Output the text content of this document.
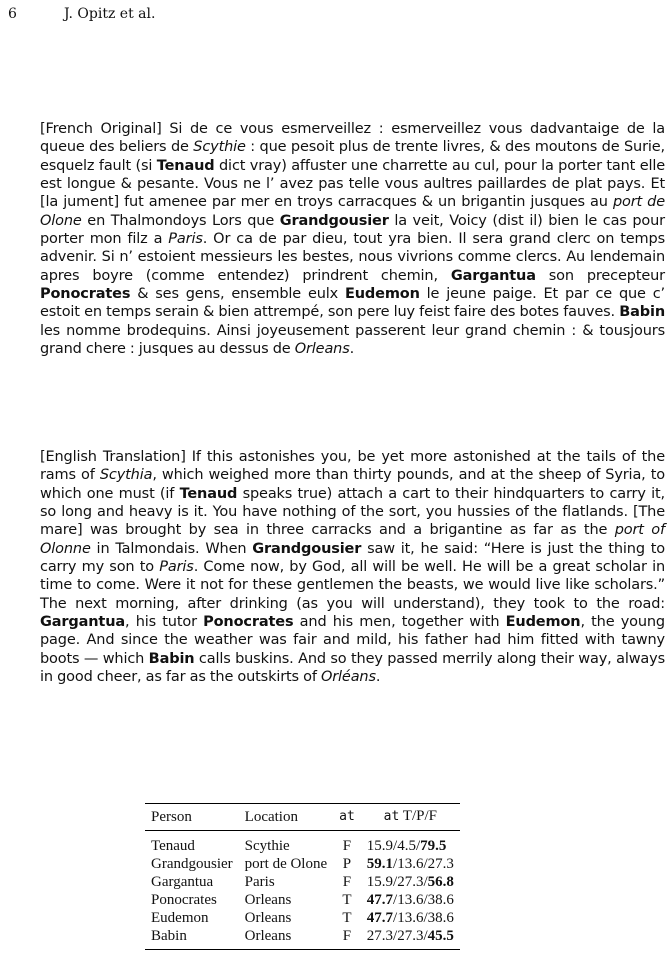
6	J. Opitz et al.
[French Original] Si de ce vous esmerveillez : esmerveillez vous dadvantaige de la queue des beliers de Scythie : que pesoit plus de trente livres, & des moutons de Surie, esquelz fault (si Tenaud dict vray) affuster une charrette au cul, pour la porter tant elle est longue & pesante. Vous ne l’ avez pas telle vous aultres paillardes de plat pays. Et [la jument] fut amenee par mer en troys carracques & un brigantin jusques au port de Olone en Thalmondoys Lors que Grandgousier la veit, Voicy (dist il) bien le cas pour porter mon filz a Paris. Or ca de par dieu, tout yra bien. Il sera grand clerc on temps advenir. Si n’ estoient messieurs les bestes, nous vivrions comme clercs. Au lendemain apres boyre (comme entendez) prindrent chemin, Gargantua son precepteur Ponocrates & ses gens, ensemble eulx Eudemon le jeune paige. Et par ce que c’ estoit en temps serain & bien attrempé, son pere luy feist faire des botes fauves. Babin les nomme brodequins. Ainsi joyeusement passerent leur grand chemin : & tousjours grand chere : jusques au dessus de Orleans.
[English Translation] If this astonishes you, be yet more astonished at the tails of the rams of Scythia, which weighed more than thirty pounds, and at the sheep of Syria, to which one must (if Tenaud speaks true) attach a cart to their hindquarters to carry it, so long and heavy is it. You have nothing of the sort, you hussies of the flatlands. [The mare] was brought by sea in three carracks and a brigantine as far as the port of Olonne in Talmondais. When Grandgousier saw it, he said: “Here is just the thing to carry my son to Paris. Come now, by God, all will be well. He will be a great scholar in time to come. Were it not for these gentlemen the beasts, we would live like scholars.” The next morning, after drinking (as you will understand), they took to the road: Gargantua, his tutor Ponocrates and his men, together with Eudemon, the young page. And since the weather was fair and mild, his father had him fitted with tawny boots — which Babin calls buskins. And so they passed merrily along their way, always in good cheer, as far as the outskirts of Orléans.
Person	Location	at	at T/P/F
Tenaud	Scythie	F	15.9/4.5/79.5
Grandgousier	port de Olone	P	59.1/13.6/27.3
Gargantua	Paris	F	15.9/27.3/56.8
Ponocrates	Orleans	T	47.7/13.6/38.6
Eudemon	Orleans	T	47.7/13.6/38.6
Babin	Orleans	F	27.3/27.3/45.5
